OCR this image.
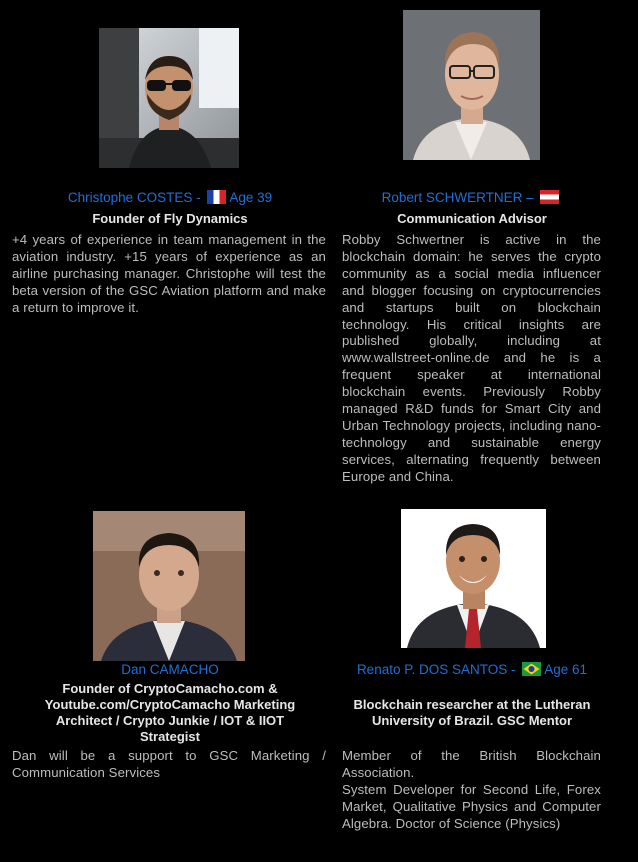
Christophe COSTES - Age 39
Founder of Fly Dynamics

+4 years of experience in team management in the aviation industry. +15 years of experience as an airline purchasing manager. Christophe will test the beta version of the GSC Aviation platform and make a return to improve it.

Robert SCHWERTNER –
Communication Advisor

Robby Schwertner is active in the blockchain domain: he serves the crypto community as a social media influencer and blogger focusing on cryptocurrencies and startups built on blockchain technology. His critical insights are published globally, including at www.wallstreet-online.de and he is a frequent speaker at international blockchain events. Previously Robby managed R&D funds for Smart City and Urban Technology projects, including nano-technology and sustainable energy services, alternating frequently between Europe and China.

Dan CAMACHO
Founder of CryptoCamacho.com & Youtube.com/CryptoCamacho Marketing Architect / Crypto Junkie / IOT & IIOT Strategist

Dan will be a support to GSC Marketing / Communication Services

Renato P. DOS SANTOS -
Age 61
Blockchain researcher at the Lutheran University of Brazil. GSC Mentor

Member of the British Blockchain Association.

System Developer for Second Life, Forex Market, Qualitative Physics and Computer Algebra. Doctor of Science (Physics)
